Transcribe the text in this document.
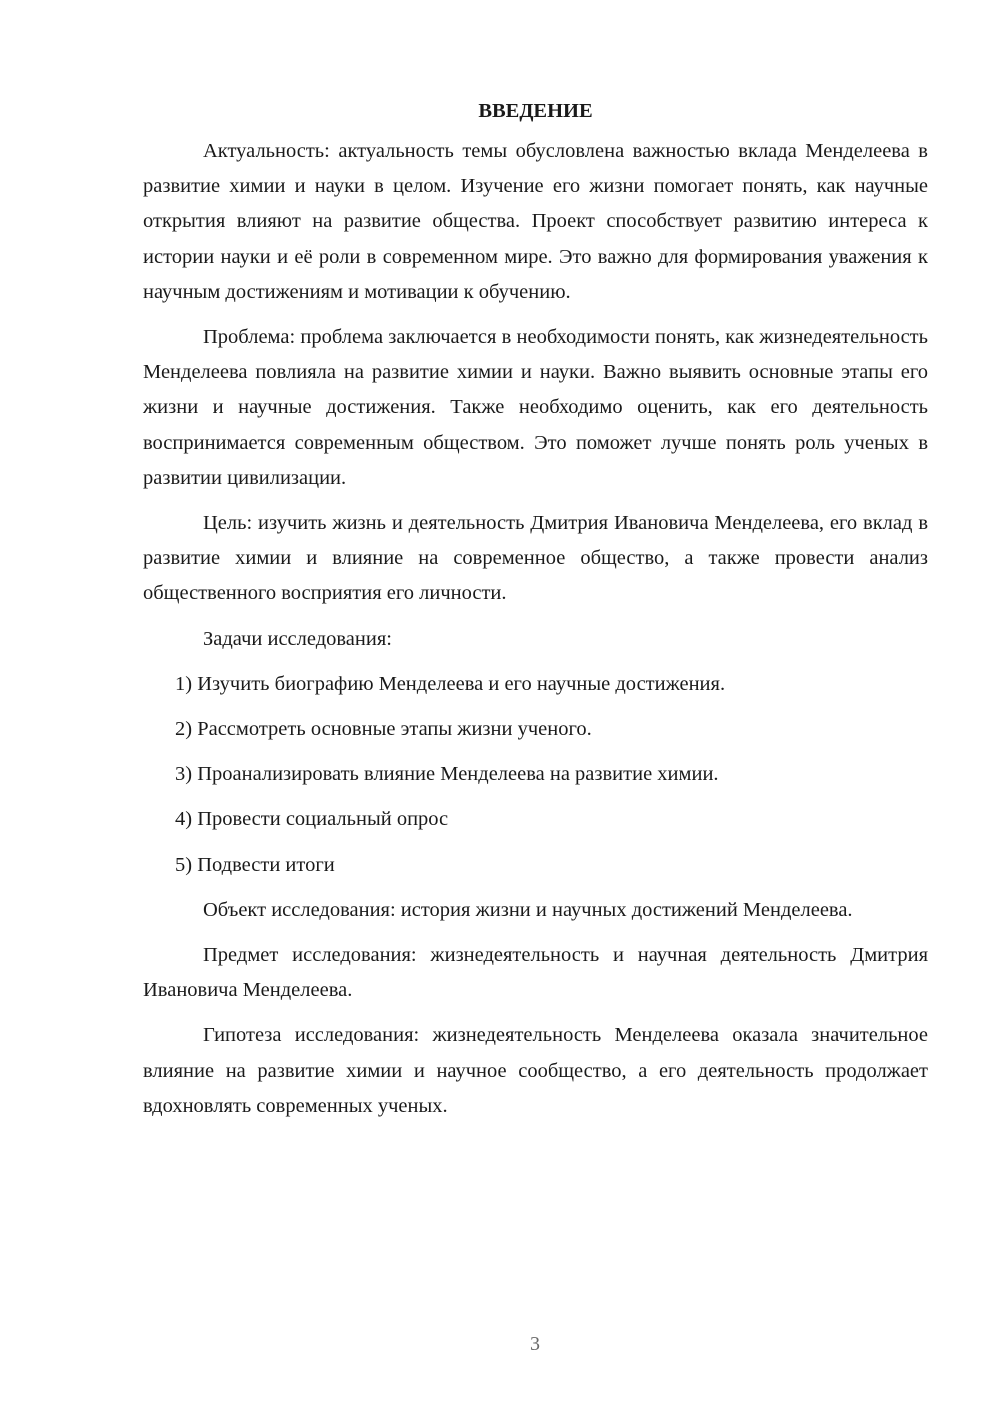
ВВЕДЕНИЕ

Актуальность: актуальность темы обусловлена важностью вклада Менделеева в развитие химии и науки в целом. Изучение его жизни помогает понять, как научные открытия влияют на развитие общества. Проект способствует развитию интереса к истории науки и её роли в современном мире. Это важно для формирования уважения к научным достижениям и мотивации к обучению.

Проблема: проблема заключается в необходимости понять, как жизнедеятельность Менделеева повлияла на развитие химии и науки. Важно выявить основные этапы его жизни и научные достижения. Также необходимо оценить, как его деятельность воспринимается современным обществом. Это поможет лучше понять роль ученых в развитии цивилизации.

Цель: изучить жизнь и деятельность Дмитрия Ивановича Менделеева, его вклад в развитие химии и влияние на современное общество, а также провести анализ общественного восприятия его личности.

Задачи исследования:

1) Изучить биографию Менделеева и его научные достижения.
2) Рассмотреть основные этапы жизни ученого.
3) Проанализировать влияние Менделеева на развитие химии.
4) Провести социальный опрос
5) Подвести итоги

Объект исследования: история жизни и научных достижений Менделеева.

Предмет исследования: жизнедеятельность и научная деятельность Дмитрия Ивановича Менделеева.

Гипотеза исследования: жизнедеятельность Менделеева оказала значительное влияние на развитие химии и научное сообщество, а его деятельность продолжает вдохновлять современных ученых.

3
